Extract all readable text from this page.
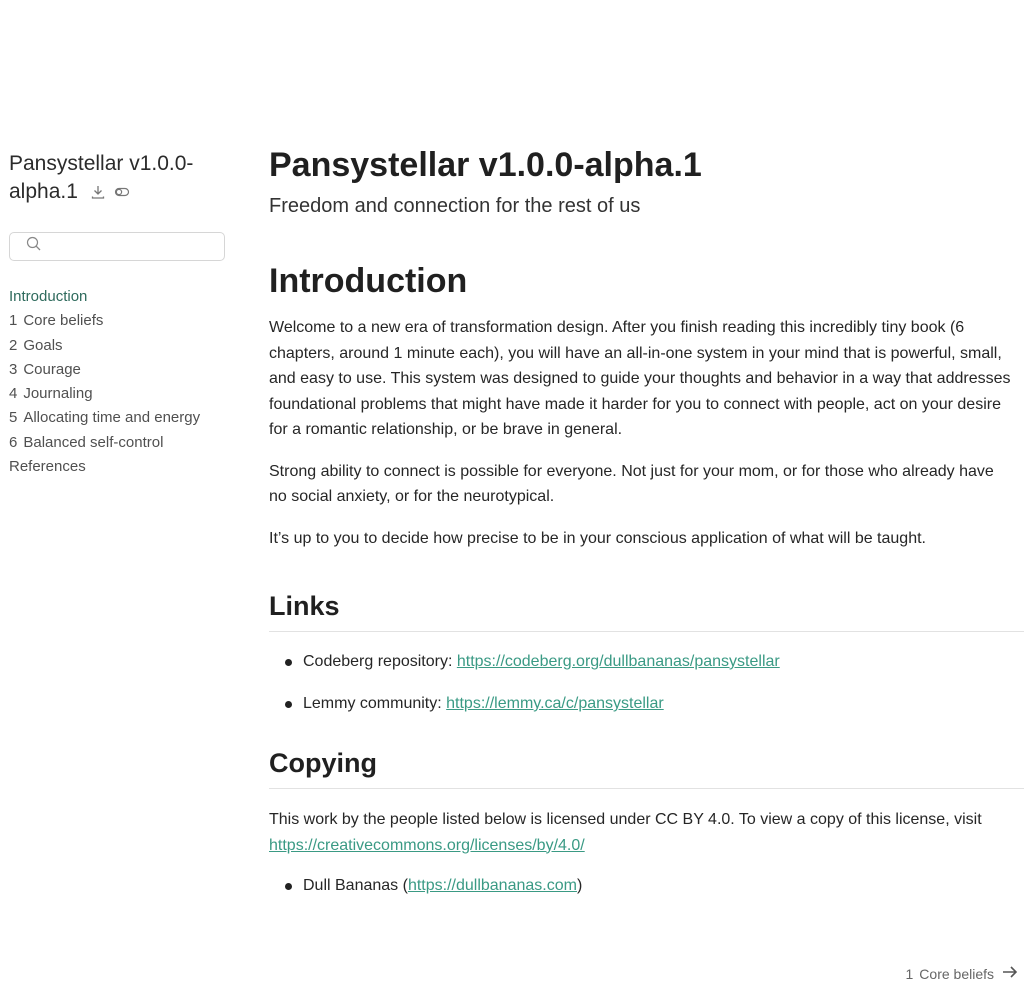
Pansystellar v1.0.0-alpha.1
Introduction
1 Core beliefs
2 Goals
3 Courage
4 Journaling
5 Allocating time and energy
6 Balanced self-control
References
Pansystellar v1.0.0-alpha.1
Freedom and connection for the rest of us
Introduction

Welcome to a new era of transformation design. After you finish reading this incredibly tiny book (6 chapters, around 1 minute each), you will have an all-in-one system in your mind that is powerful, small, and easy to use. This system was designed to guide your thoughts and behavior in a way that addresses foundational problems that might have made it harder for you to connect with people, act on your desire for a romantic relationship, or be brave in general.

Strong ability to connect is possible for everyone. Not just for your mom, or for those who already have no social anxiety, or for the neurotypical.

It’s up to you to decide how precise to be in your conscious application of what will be taught.

Links
Codeberg repository: https://codeberg.org/dullbananas/pansystellar
Lemmy community: https://lemmy.ca/c/pansystellar
Copying

This work by the people listed below is licensed under CC BY 4.0. To view a copy of this license, visit https://creativecommons.org/licenses/by/4.0/

Dull Bananas (https://dullbananas.com)
1 Core beliefs
